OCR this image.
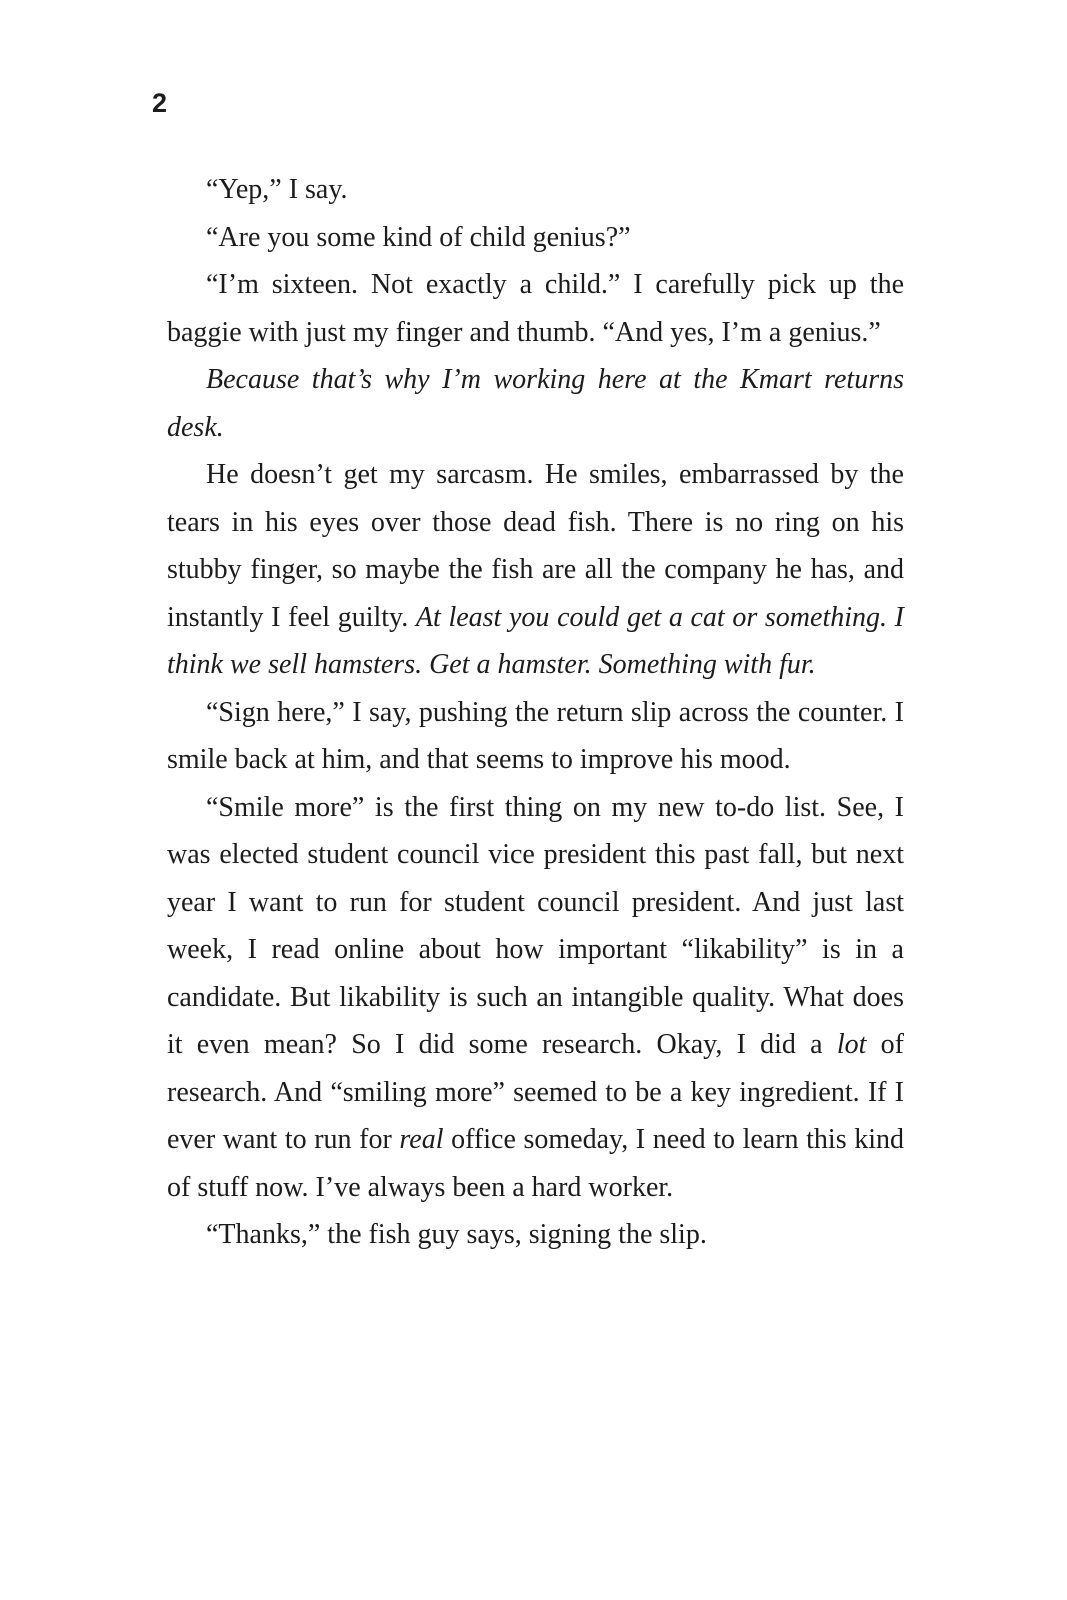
2

“Yep,” I say.

“Are you some kind of child genius?”

“I’m sixteen. Not exactly a child.” I carefully pick up the baggie with just my finger and thumb. “And yes, I’m a genius.”

Because that’s why I’m working here at the Kmart returns desk.

He doesn’t get my sarcasm. He smiles, embarrassed by the tears in his eyes over those dead fish. There is no ring on his stubby finger, so maybe the fish are all the company he has, and instantly I feel guilty. At least you could get a cat or something. I think we sell hamsters. Get a hamster. Something with fur.

“Sign here,” I say, pushing the return slip across the counter. I smile back at him, and that seems to improve his mood.

“Smile more” is the first thing on my new to-do list. See, I was elected student council vice president this past fall, but next year I want to run for student council president. And just last week, I read online about how important “likability” is in a candidate. But likability is such an intangible quality. What does it even mean? So I did some research. Okay, I did a lot of research. And “smiling more” seemed to be a key ingredient. If I ever want to run for real office someday, I need to learn this kind of stuff now. I’ve always been a hard worker.

“Thanks,” the fish guy says, signing the slip.
